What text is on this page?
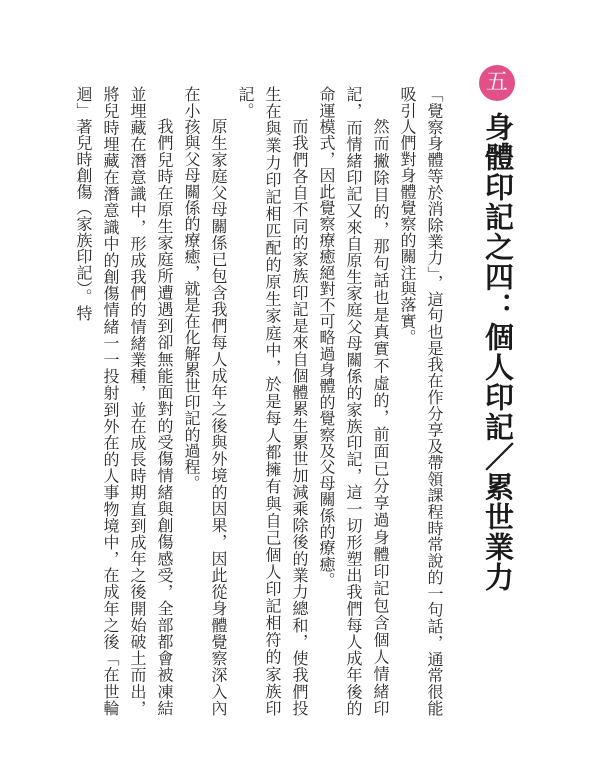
五
身體印記之四：個人印記／累世業力

「覺察身體等於消除業力」，這句也是我在作分享及帶領課程時常說的一句話，通常很能吸引人們對身體覺察的關注與落實。

然而撇除目的，那句話也是真實不虛的，前面已分享過身體印記包含個人情緒印記，而情緒印記又來自原生家庭父母關係的家族印記，這一切形塑出我們每人成年後的命運模式，因此覺察療癒絕對不可略過身體的覺察及父母關係的療癒。

而我們各自不同的家族印記是來自個體累生累世加減乘除後的業力總和，使我們投生在與業力印記相匹配的原生家庭中，於是每人都擁有與自己個人印記相符的家族印記。

原生家庭父母關係已包含我們每人成年之後與外境的因果，因此從身體覺察深入內在小孩與父母關係的療癒，就是在化解累世印記的過程。

我們兒時在原生家庭所遭遇到卻無能面對的受傷情緒與創傷感受，全部都會被凍結並埋藏在潛意識中，形成我們的情緒業種，並在成長時期直到成年之後開始破土而出，將兒時埋藏在潛意識中的創傷情緒一一投射到外在的人事物境中，在成年之後「在世輪迴」著兒時創傷（家族印記）。特
